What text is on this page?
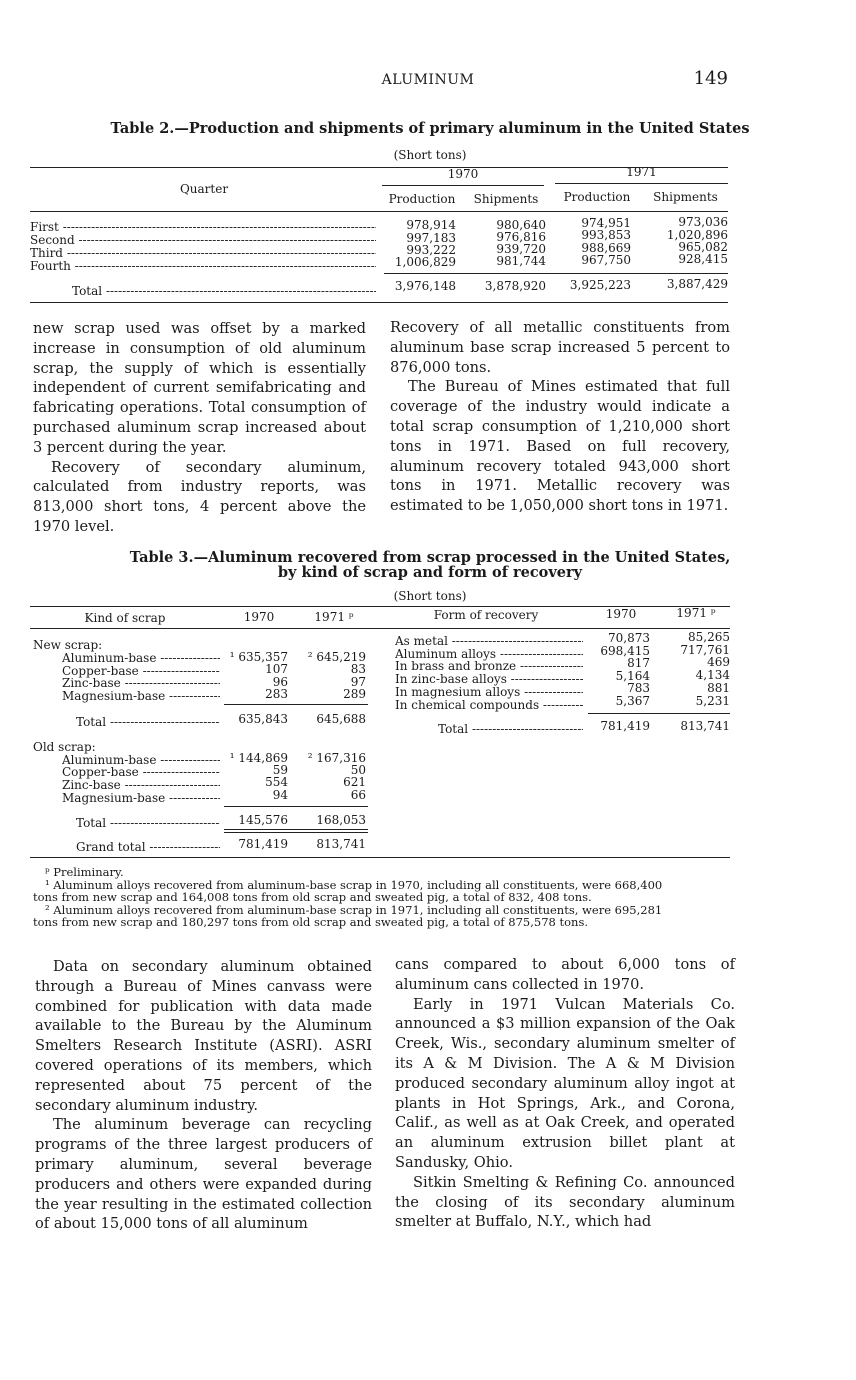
ALUMINUM	149
Table 2.—Production and shipments of primary aluminum in the United States
(Short tons)
Quarter
1970	1971
Production	Shipments	Production	Shipments
First -----	978,914	980,640	974,951	973,036
Second -----	997,183	976,816	993,853	1,020,896
Third -----	993,222	939,720	988,669	965,082
Fourth -----	1,006,829	981,744	967,750	928,415
Total -----	3,976,148	3,878,920	3,925,223	3,887,429

new scrap used was offset by a marked increase in consumption of old aluminum scrap, the supply of which is essentially independent of current semifabricating and fabricating operations. Total consumption of purchased aluminum scrap increased about 3 percent during the year.

Recovery of secondary aluminum, calculated from industry reports, was 813,000 short tons, 4 percent above the 1970 level.

Recovery of all metallic constituents from aluminum base scrap increased 5 percent to 876,000 tons.

The Bureau of Mines estimated that full coverage of the industry would indicate a total scrap consumption of 1,210,000 short tons in 1971. Based on full recovery, aluminum recovery totaled 943,000 short tons in 1971. Metallic recovery was estimated to be 1,050,000 short tons in 1971.

Table 3.—Aluminum recovered from scrap processed in the United States,
by kind of scrap and form of recovery
(Short tons)
Kind of scrap	1970	1971 ᵖ	Form of recovery	1970	1971 ᵖ
New scrap:
Aluminum-base -----	¹ 635,357	² 645,219
Copper-base -----	107	83
Zinc-base -----	96	97
Magnesium-base -----	283	289
Total -----	635,843	645,688
Old scrap:
Aluminum-base -----	¹ 144,869	² 167,316
Copper-base -----	59	50
Zinc-base -----	554	621
Magnesium-base -----	94	66
Total -----	145,576	168,053
Grand total -----	781,419	813,741
As metal -----	70,873	85,265
Aluminum alloys -----	698,415	717,761
In brass and bronze -----	817	469
In zinc-base alloys -----	5,164	4,134
In magnesium alloys -----	783	881
In chemical compounds -----	5,367	5,231
Total -----	781,419	813,741
ᵖ Preliminary.
¹ Aluminum alloys recovered from aluminum-base scrap in 1970, including all constituents, were 668,400
tons from new scrap and 164,008 tons from old scrap and sweated pig, a total of 832, 408 tons.
² Aluminum alloys recovered from aluminum-base scrap in 1971, including all constituents, were 695,281
tons from new scrap and 180,297 tons from old scrap and sweated pig, a total of 875,578 tons.

Data on secondary aluminum obtained through a Bureau of Mines canvass were combined for publication with data made available to the Bureau by the Aluminum Smelters Research Institute (ASRI). ASRI covered operations of its members, which represented about 75 percent of the secondary aluminum industry.

The aluminum beverage can recycling programs of the three largest producers of primary aluminum, several beverage producers and others were expanded during the year resulting in the estimated collection of about 15,000 tons of all aluminum

cans compared to about 6,000 tons of aluminum cans collected in 1970.

Early in 1971 Vulcan Materials Co. announced a $3 million expansion of the Oak Creek, Wis., secondary aluminum smelter of its A & M Division. The A & M Division produced secondary aluminum alloy ingot at plants in Hot Springs, Ark., and Corona, Calif., as well as at Oak Creek, and operated an aluminum extrusion billet plant at Sandusky, Ohio.

Sitkin Smelting & Refining Co. announced the closing of its secondary aluminum smelter at Buffalo, N.Y., which had
